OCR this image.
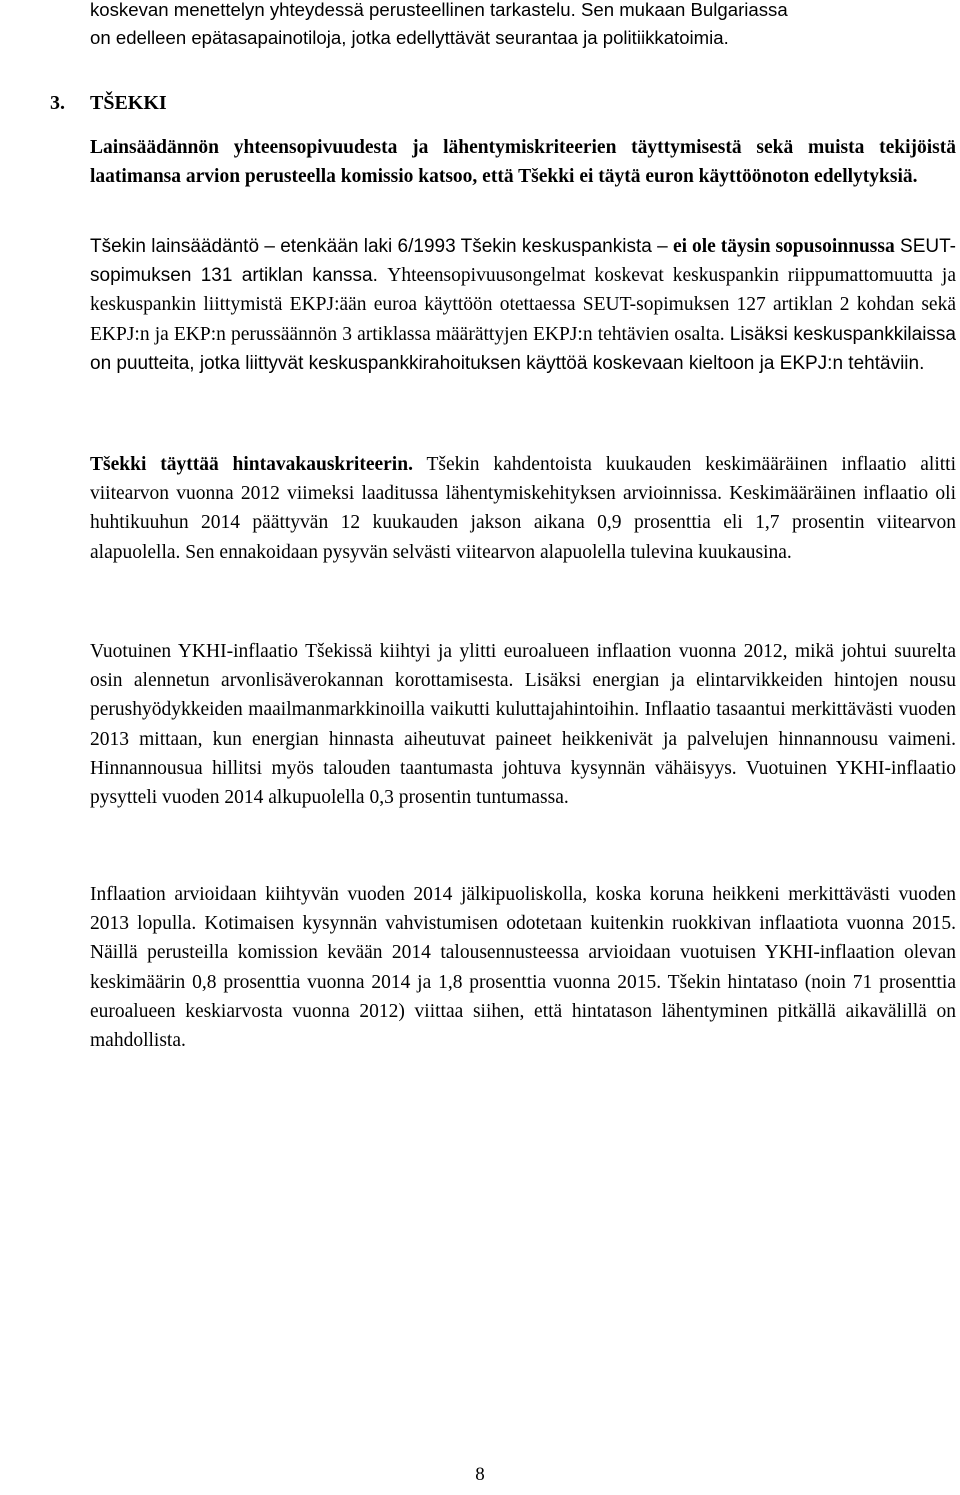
koskevan menettelyn yhteydessä perusteellinen tarkastelu. Sen mukaan Bulgariassa
on edelleen epätasapainotiloja, jotka edellyttävät seurantaa ja politiikkatoimia.
3. TŠEKKI

Lainsäädännön yhteensopivuudesta ja lähentymiskriteerien täyttymisestä sekä muista tekijöistä laatimansa arvion perusteella komissio katsoo, että Tšekki ei täytä euron käyttöönoton edellytyksiä.

Tšekin lainsäädäntö – etenkään laki 6/1993 Tšekin keskuspankista – ei ole täysin sopusoinnussa SEUT-sopimuksen 131 artiklan kanssa. Yhteensopivuusongelmat koskevat keskuspankin riippumattomuutta ja keskuspankin liittymistä EKPJ:ään euroa käyttöön otettaessa SEUT-sopimuksen 127 artiklan 2 kohdan sekä EKPJ:n ja EKP:n perussäännön 3 artiklassa määrättyjen EKPJ:n tehtävien osalta. Lisäksi keskuspankkilaissa on puutteita, jotka liittyvät keskuspankkirahoituksen käyttöä koskevaan kieltoon ja EKPJ:n tehtäviin.

Tšekki täyttää hintavakauskriteerin. Tšekin kahdentoista kuukauden keskimääräinen inflaatio alitti viitearvon vuonna 2012 viimeksi laaditussa lähentymiskehityksen arvioinnissa. Keskimääräinen inflaatio oli huhtikuuhun 2014 päättyvän 12 kuukauden jakson aikana 0,9 prosenttia eli 1,7 prosentin viitearvon alapuolella. Sen ennakoidaan pysyvän selvästi viitearvon alapuolella tulevina kuukausina.

Vuotuinen YKHI-inflaatio Tšekissä kiihtyi ja ylitti euroalueen inflaation vuonna 2012, mikä johtui suurelta osin alennetun arvonlisäverokannan korottamisesta. Lisäksi energian ja elintarvikkeiden hintojen nousu perushyödykkeiden maailmanmarkkinoilla vaikutti kuluttajahintoihin. Inflaatio tasaantui merkittävästi vuoden 2013 mittaan, kun energian hinnasta aiheutuvat paineet heikkenivät ja palvelujen hinnannousu vaimeni. Hinnannousua hillitsi myös talouden taantumasta johtuva kysynnän vähäisyys. Vuotuinen YKHI-inflaatio pysytteli vuoden 2014 alkupuolella 0,3 prosentin tuntumassa.

Inflaation arvioidaan kiihtyvän vuoden 2014 jälkipuoliskolla, koska koruna heikkeni merkittävästi vuoden 2013 lopulla. Kotimaisen kysynnän vahvistumisen odotetaan kuitenkin ruokkivan inflaatiota vuonna 2015. Näillä perusteilla komission kevään 2014 talousennusteessa arvioidaan vuotuisen YKHI-inflaation olevan keskimäärin 0,8 prosenttia vuonna 2014 ja 1,8 prosenttia vuonna 2015. Tšekin hintataso (noin 71 prosenttia euroalueen keskiarvosta vuonna 2012) viittaa siihen, että hintatason lähentyminen pitkällä aikavälillä on mahdollista.

8
